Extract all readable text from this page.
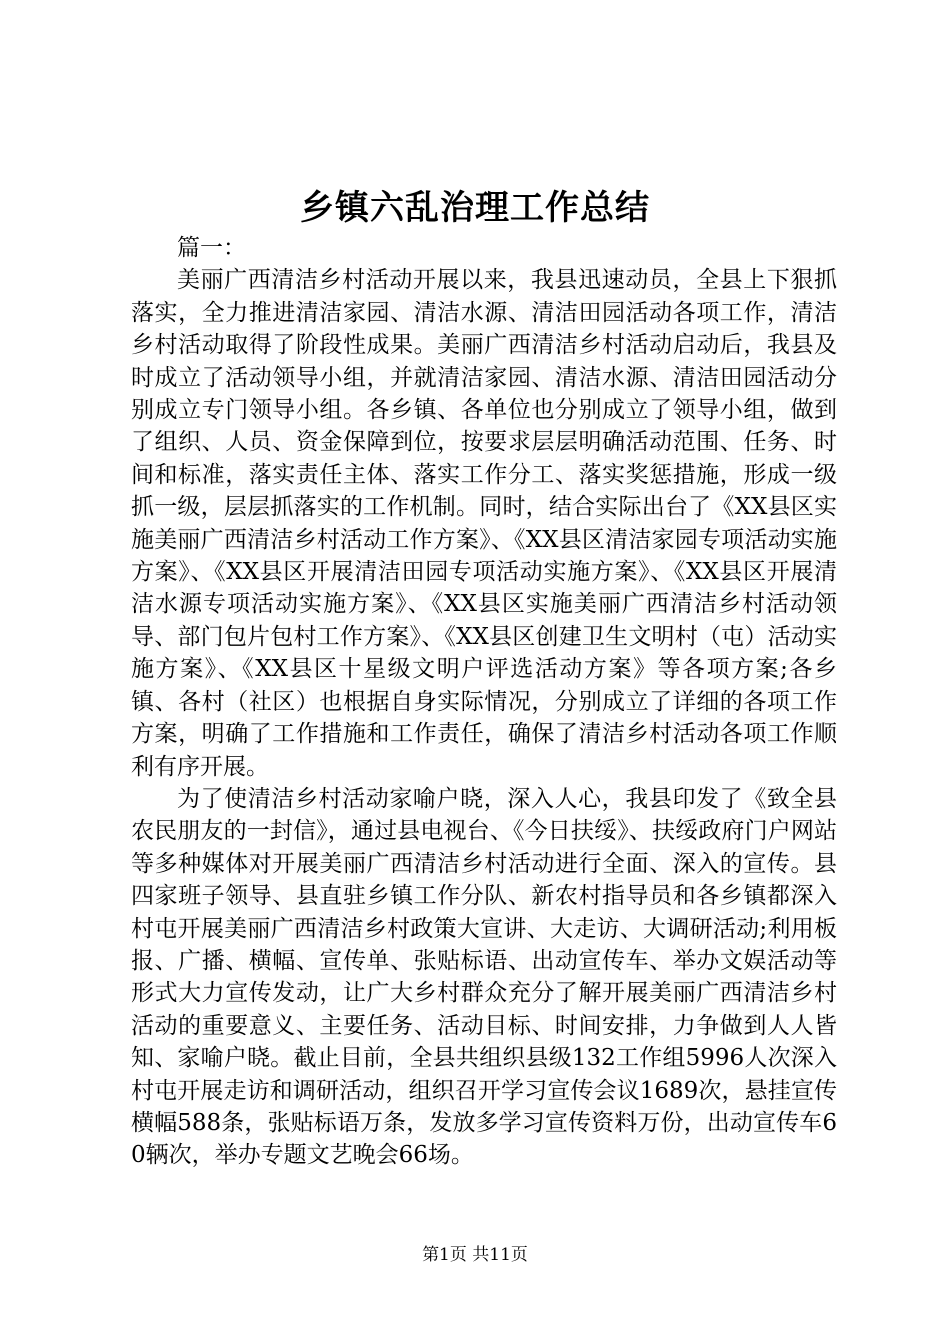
乡镇六乱治理工作总结

篇一：

美丽广西清洁乡村活动开展以来，我县迅速动员，全县上下狠抓落实，全力推进清洁家园、清洁水源、清洁田园活动各项工作，清洁乡村活动取得了阶段性成果。美丽广西清洁乡村活动启动后，我县及时成立了活动领导小组，并就清洁家园、清洁水源、清洁田园活动分别成立专门领导小组。各乡镇、各单位也分别成立了领导小组，做到了组织、人员、资金保障到位，按要求层层明确活动范围、任务、时间和标准，落实责任主体、落实工作分工、落实奖惩措施，形成一级抓一级，层层抓落实的工作机制。同时，结合实际出台了《XX县区实施美丽广西清洁乡村活动工作方案》、《XX县区清洁家园专项活动实施方案》、《XX县区开展清洁田园专项活动实施方案》、《XX县区开展清洁水源专项活动实施方案》、《XX县区实施美丽广西清洁乡村活动领导、部门包片包村工作方案》、《XX县区创建卫生文明村（屯）活动实施方案》、《XX县区十星级文明户评选活动方案》等各项方案;各乡镇、各村（社区）也根据自身实际情况，分别成立了详细的各项工作方案，明确了工作措施和工作责任，确保了清洁乡村活动各项工作顺利有序开展。

为了使清洁乡村活动家喻户晓，深入人心，我县印发了《致全县农民朋友的一封信》，通过县电视台、《今日扶绥》、扶绥政府门户网站等多种媒体对开展美丽广西清洁乡村活动进行全面、深入的宣传。县四家班子领导、县直驻乡镇工作分队、新农村指导员和各乡镇都深入村屯开展美丽广西清洁乡村政策大宣讲、大走访、大调研活动;利用板报、广播、横幅、宣传单、张贴标语、出动宣传车、举办文娱活动等形式大力宣传发动，让广大乡村群众充分了解开展美丽广西清洁乡村活动的重要意义、主要任务、活动目标、时间安排，力争做到人人皆知、家喻户晓。截止目前，全县共组织县级132工作组5996人次深入村屯开展走访和调研活动，组织召开学习宣传会议1689次，悬挂宣传横幅588条，张贴标语万条，发放多学习宣传资料万份，出动宣传车60辆次，举办专题文艺晚会66场。

第1页 共11页
